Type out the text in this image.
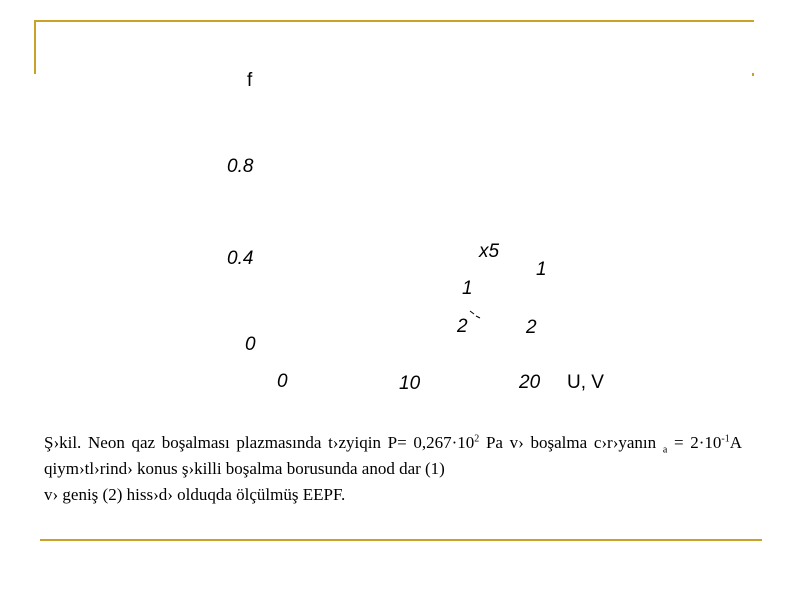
f
0.8
0.4
0
0	10	20 U, V
x5
1
1
2	2
Ş›kil. Neon qaz boşalması plazmasında t›zyiqin $P= 0,267\cdot 10^2$ Pa v› boşalma c›r›yanın $_a = 2\cdot 10^{-1}A$ qiym›tl›rind› konus ş›killi boşalma borusunda anod dar (1)
v› geniş (2) hiss›d› olduqda ölçülmüş EEPF.
